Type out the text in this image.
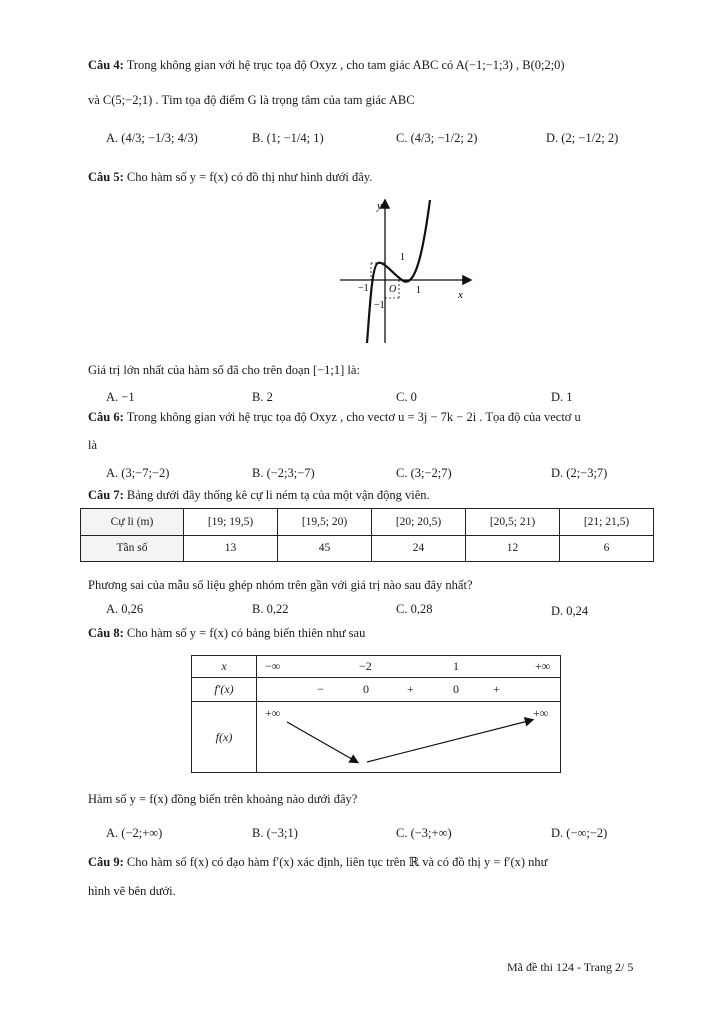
Câu 4: Trong không gian với hệ trục tọa độ Oxyz , cho tam giác ABC có A(−1;−1;3) , B(0;2;0)
và C(5;−2;1) . Tìm tọa độ điểm G là trọng tâm của tam giác ABC
A. (4/3; −1/3; 4/3)	B. (1; −1/4; 1)	C. (4/3; −1/2; 2)	D. (2; −1/2; 2)
Câu 5: Cho hàm số y = f(x) có đồ thị như hình dưới đây.
y
x
O
−1	1
1
−1
Giá trị lớn nhất của hàm số đã cho trên đoạn [−1;1] là:
A. −1	B. 2	C. 0	D. 1
Câu 6: Trong không gian với hệ trục tọa độ Oxyz , cho vectơ u = 3j − 7k − 2i . Tọa độ của vectơ u
là
A. (3;−7;−2)	B. (−2;3;−7)	C. (3;−2;7)	D. (2;−3;7)
Câu 7: Bảng dưới đây thống kê cự li ném tạ của một vận động viên.
Cự li (m)	[19; 19,5)	[19,5; 20)	[20; 20,5)	[20,5; 21)	[21; 21,5)
Tần số	13	45	24	12	6
Phương sai của mẫu số liệu ghép nhóm trên gần với giá trị nào sau đây nhất?
A. 0,26	B. 0,22	C. 0,28	D. 0,24
Câu 8: Cho hàm số y = f(x) có bảng biến thiên như sau
x	−∞ −2 1 +∞

f′(x)	− 0 + 0 +

f(x)	+∞ +∞
Hàm số y = f(x) đồng biến trên khoảng nào dưới đây?
A. (−2;+∞)	B. (−3;1)	C. (−3;+∞)	D. (−∞;−2)
Câu 9: Cho hàm số f(x) có đạo hàm f′(x) xác định, liên tục trên ℝ và có đồ thị y = f′(x) như
hình vẽ bên dưới.
Mã đề thi 124 - Trang 2/ 5
